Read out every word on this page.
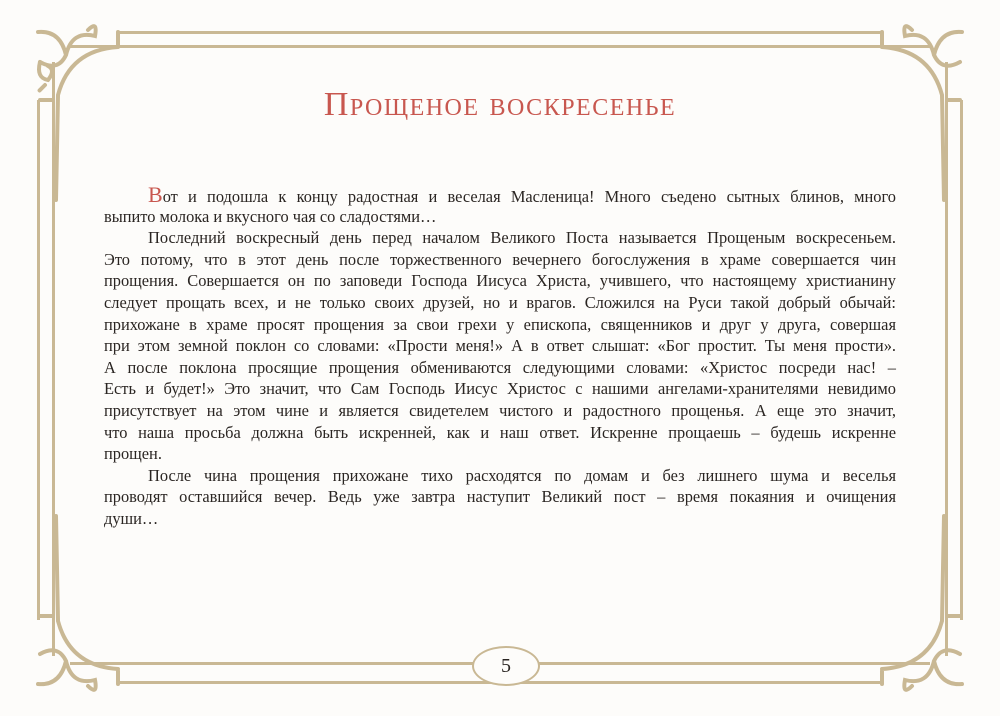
Прощеное воскресенье
Вот и подошла к концу радостная и веселая Масленица! Много съедено сытных блинов, много
выпито молока и вкусного чая со сладостями…
Последний воскресный день перед началом Великого Поста называется Прощеным воскресеньем.
Это потому, что в этот день после торжественного вечернего богослужения в храме совершается чин
прощения. Совершается он по заповеди Господа Иисуса Христа, учившего, что настоящему христианину
следует прощать всех, и не только своих друзей, но и врагов. Сложился на Руси такой добрый обычай:
прихожане в храме просят прощения за свои грехи у епископа, священников и друг у друга, совершая
при этом земной поклон со словами: «Прости меня!» А в ответ слышат: «Бог простит. Ты меня прости».
А после поклона просящие прощения обмениваются следующими словами: «Христос посреди нас! –
Есть и будет!» Это значит, что Сам Господь Иисус Христос с нашими ангелами-хранителями невидимо
присутствует на этом чине и является свидетелем чистого и радостного прощенья. А еще это значит,
что наша просьба должна быть искренней, как и наш ответ. Искренне прощаешь – будешь искренне
прощен.
После чина прощения прихожане тихо расходятся по домам и без лишнего шума и веселья
проводят оставшийся вечер. Ведь уже завтра наступит Великий пост – время покаяния и очищения
души…
5
